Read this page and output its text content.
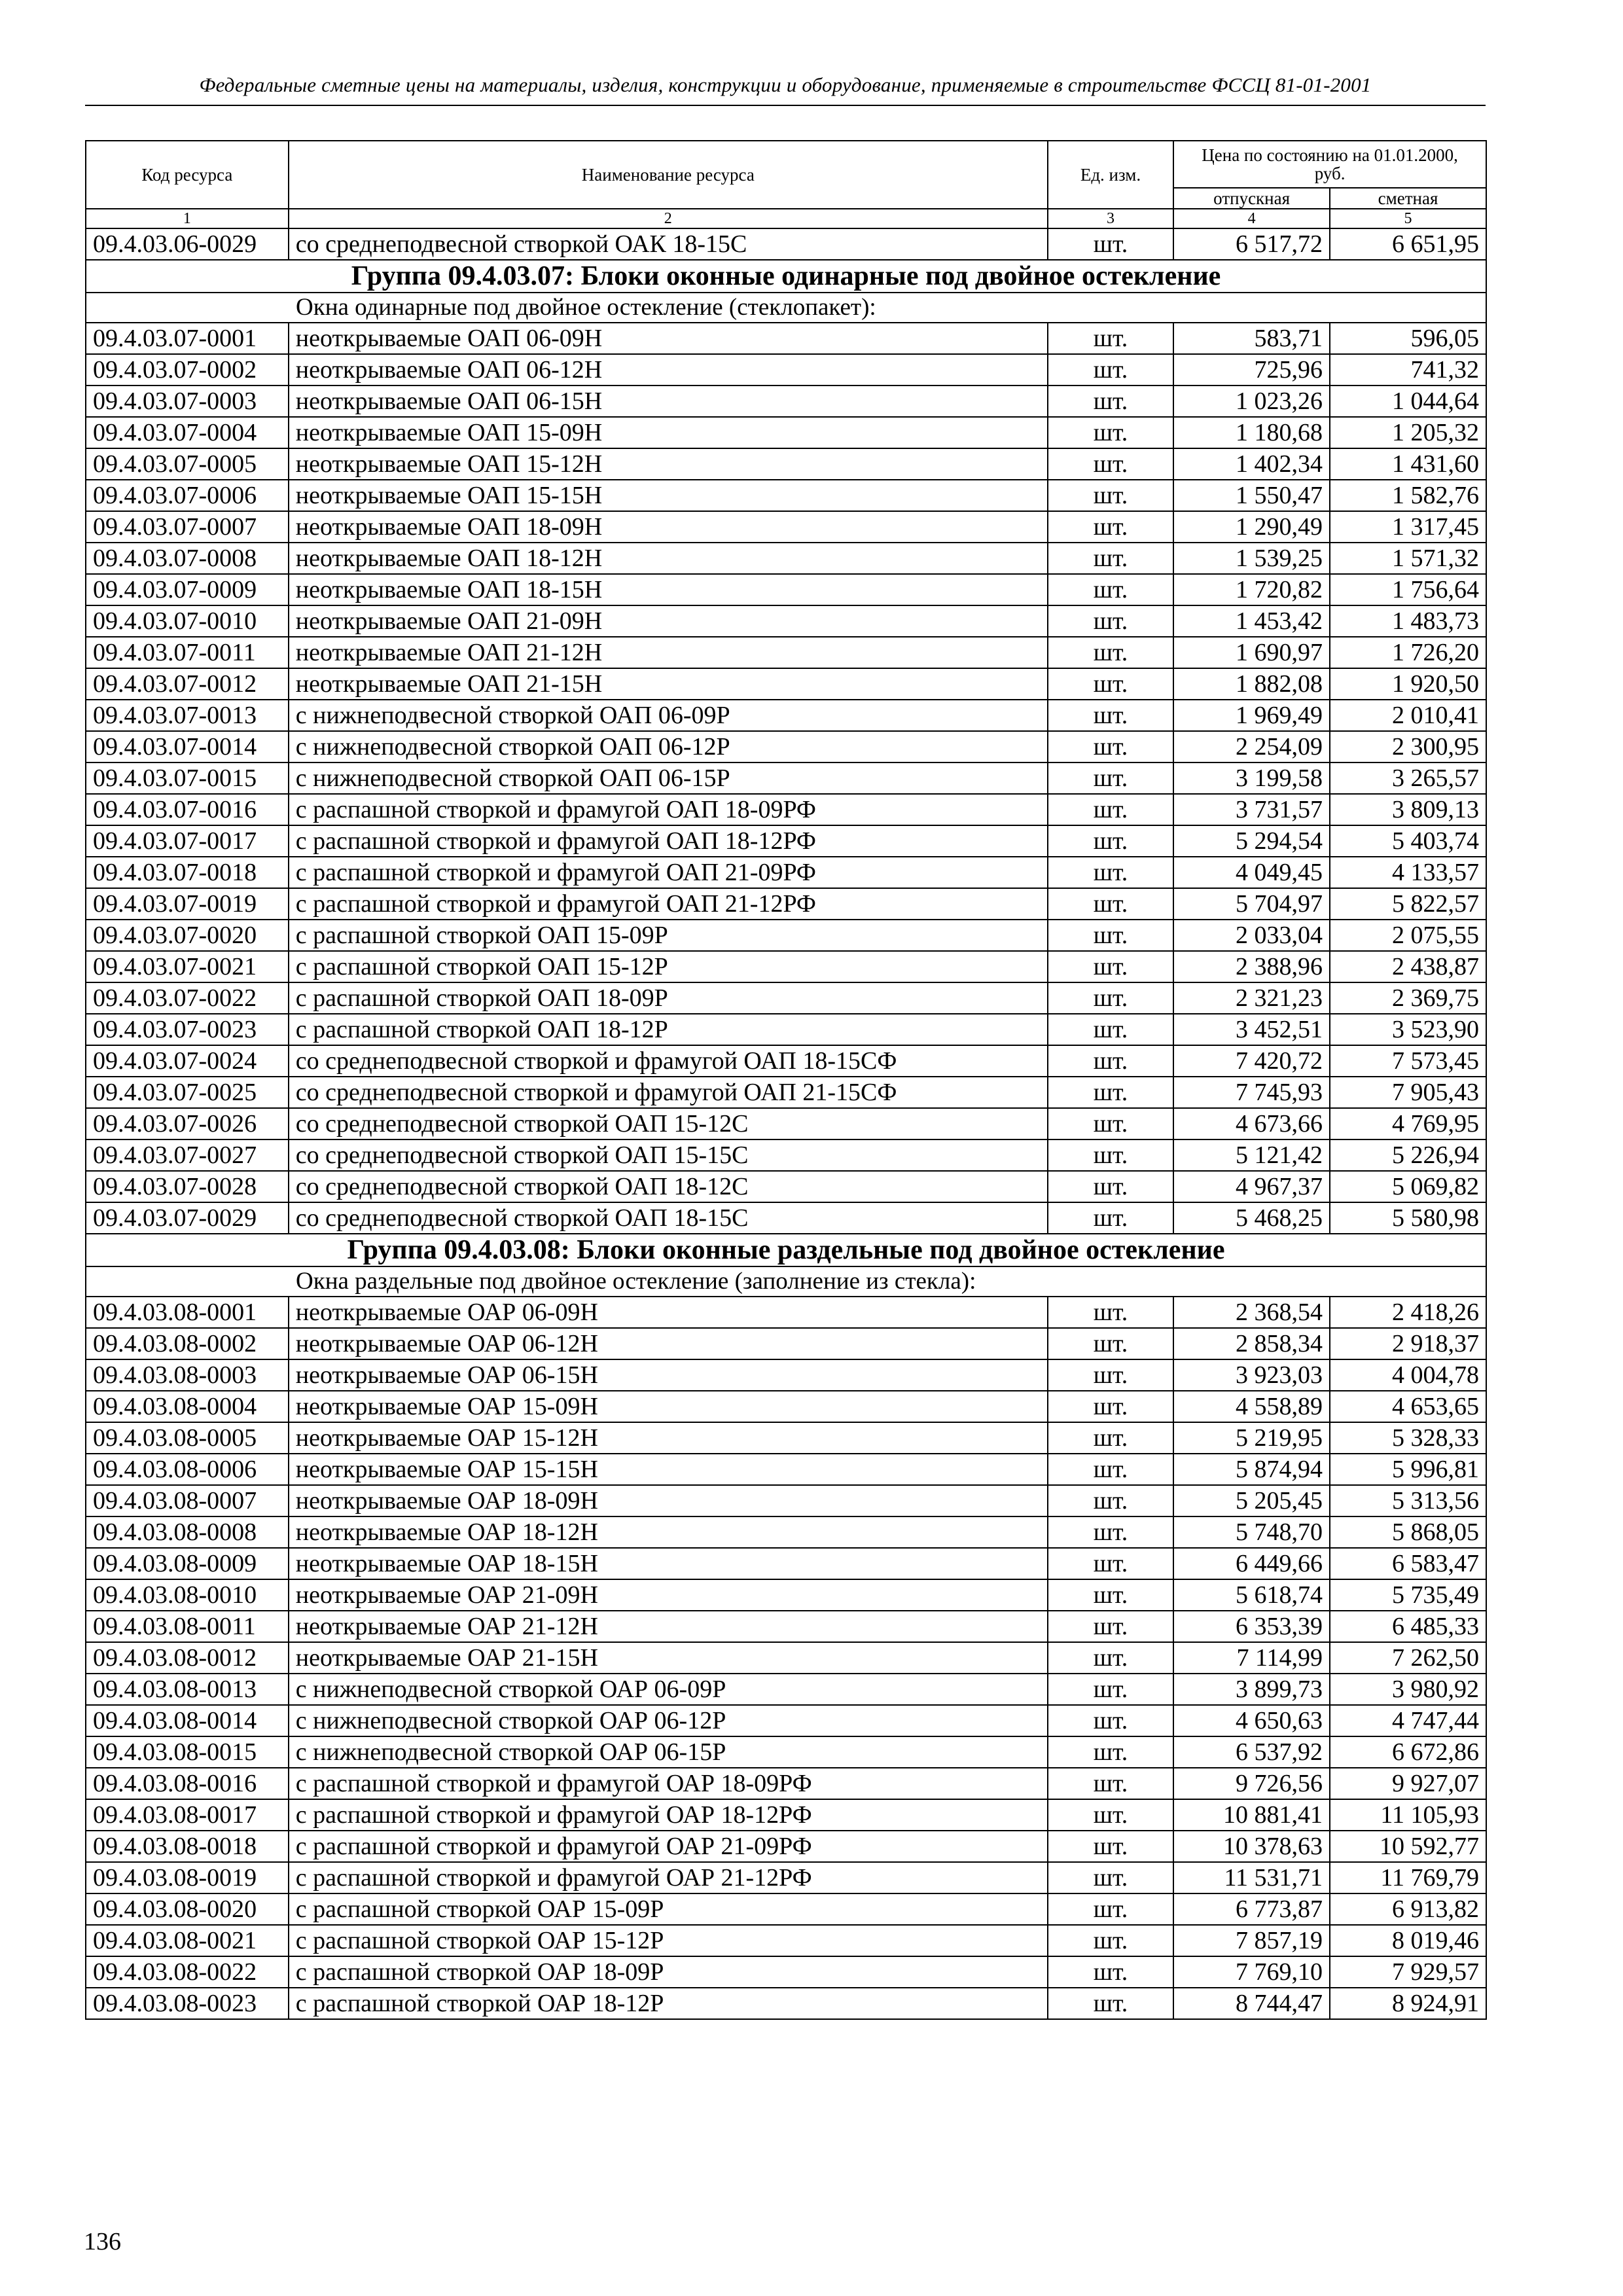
Федеральные сметные цены на материалы, изделия, конструкции и оборудование, применяемые в строительстве ФССЦ 81-01-2001
Код ресурса	Наименование ресурса	Ед. изм.	Цена по состоянию на 01.01.2000, руб.	
			отпускная	сметная
1	2	3	4	5
09.4.03.06-0029	со среднеподвесной створкой ОАК 18-15С	шт.	6 517,72	6 651,95
Группа 09.4.03.07: Блоки оконные одинарные под двойное остекление				
Окна одинарные под двойное остекление (стеклопакет):				
09.4.03.07-0001	неоткрываемые ОАП 06-09Н	шт.	583,71	596,05
09.4.03.07-0002	неоткрываемые ОАП 06-12Н	шт.	725,96	741,32
09.4.03.07-0003	неоткрываемые ОАП 06-15Н	шт.	1 023,26	1 044,64
09.4.03.07-0004	неоткрываемые ОАП 15-09Н	шт.	1 180,68	1 205,32
09.4.03.07-0005	неоткрываемые ОАП 15-12Н	шт.	1 402,34	1 431,60
09.4.03.07-0006	неоткрываемые ОАП 15-15Н	шт.	1 550,47	1 582,76
09.4.03.07-0007	неоткрываемые ОАП 18-09Н	шт.	1 290,49	1 317,45
09.4.03.07-0008	неоткрываемые ОАП 18-12Н	шт.	1 539,25	1 571,32
09.4.03.07-0009	неоткрываемые ОАП 18-15Н	шт.	1 720,82	1 756,64
09.4.03.07-0010	неоткрываемые ОАП 21-09Н	шт.	1 453,42	1 483,73
09.4.03.07-0011	неоткрываемые ОАП 21-12Н	шт.	1 690,97	1 726,20
09.4.03.07-0012	неоткрываемые ОАП 21-15Н	шт.	1 882,08	1 920,50
09.4.03.07-0013	с нижнеподвесной створкой ОАП 06-09Р	шт.	1 969,49	2 010,41
09.4.03.07-0014	с нижнеподвесной створкой ОАП 06-12Р	шт.	2 254,09	2 300,95
09.4.03.07-0015	с нижнеподвесной створкой ОАП 06-15Р	шт.	3 199,58	3 265,57
09.4.03.07-0016	с распашной створкой и фрамугой ОАП 18-09РФ	шт.	3 731,57	3 809,13
09.4.03.07-0017	с распашной створкой и фрамугой ОАП 18-12РФ	шт.	5 294,54	5 403,74
09.4.03.07-0018	с распашной створкой и фрамугой ОАП 21-09РФ	шт.	4 049,45	4 133,57
09.4.03.07-0019	с распашной створкой и фрамугой ОАП 21-12РФ	шт.	5 704,97	5 822,57
09.4.03.07-0020	с распашной створкой ОАП 15-09Р	шт.	2 033,04	2 075,55
09.4.03.07-0021	с распашной створкой ОАП 15-12Р	шт.	2 388,96	2 438,87
09.4.03.07-0022	с распашной створкой ОАП 18-09Р	шт.	2 321,23	2 369,75
09.4.03.07-0023	с распашной створкой ОАП 18-12Р	шт.	3 452,51	3 523,90
09.4.03.07-0024	со среднеподвесной створкой и фрамугой ОАП 18-15СФ	шт.	7 420,72	7 573,45
09.4.03.07-0025	со среднеподвесной створкой и фрамугой ОАП 21-15СФ	шт.	7 745,93	7 905,43
09.4.03.07-0026	со среднеподвесной створкой ОАП 15-12С	шт.	4 673,66	4 769,95
09.4.03.07-0027	со среднеподвесной створкой ОАП 15-15С	шт.	5 121,42	5 226,94
09.4.03.07-0028	со среднеподвесной створкой ОАП 18-12С	шт.	4 967,37	5 069,82
09.4.03.07-0029	со среднеподвесной створкой ОАП 18-15С	шт.	5 468,25	5 580,98
Группа 09.4.03.08: Блоки оконные раздельные под двойное остекление				
Окна раздельные под двойное остекление (заполнение из стекла):				
09.4.03.08-0001	неоткрываемые ОАР 06-09Н	шт.	2 368,54	2 418,26
09.4.03.08-0002	неоткрываемые ОАР 06-12Н	шт.	2 858,34	2 918,37
09.4.03.08-0003	неоткрываемые ОАР 06-15Н	шт.	3 923,03	4 004,78
09.4.03.08-0004	неоткрываемые ОАР 15-09Н	шт.	4 558,89	4 653,65
09.4.03.08-0005	неоткрываемые ОАР 15-12Н	шт.	5 219,95	5 328,33
09.4.03.08-0006	неоткрываемые ОАР 15-15Н	шт.	5 874,94	5 996,81
09.4.03.08-0007	неоткрываемые ОАР 18-09Н	шт.	5 205,45	5 313,56
09.4.03.08-0008	неоткрываемые ОАР 18-12Н	шт.	5 748,70	5 868,05
09.4.03.08-0009	неоткрываемые ОАР 18-15Н	шт.	6 449,66	6 583,47
09.4.03.08-0010	неоткрываемые ОАР 21-09Н	шт.	5 618,74	5 735,49
09.4.03.08-0011	неоткрываемые ОАР 21-12Н	шт.	6 353,39	6 485,33
09.4.03.08-0012	неоткрываемые ОАР 21-15Н	шт.	7 114,99	7 262,50
09.4.03.08-0013	с нижнеподвесной створкой ОАР 06-09Р	шт.	3 899,73	3 980,92
09.4.03.08-0014	с нижнеподвесной створкой ОАР 06-12Р	шт.	4 650,63	4 747,44
09.4.03.08-0015	с нижнеподвесной створкой ОАР 06-15Р	шт.	6 537,92	6 672,86
09.4.03.08-0016	с распашной створкой и фрамугой ОАР 18-09РФ	шт.	9 726,56	9 927,07
09.4.03.08-0017	с распашной створкой и фрамугой ОАР 18-12РФ	шт.	10 881,41	11 105,93
09.4.03.08-0018	с распашной створкой и фрамугой ОАР 21-09РФ	шт.	10 378,63	10 592,77
09.4.03.08-0019	с распашной створкой и фрамугой ОАР 21-12РФ	шт.	11 531,71	11 769,79
09.4.03.08-0020	с распашной створкой ОАР 15-09Р	шт.	6 773,87	6 913,82
09.4.03.08-0021	с распашной створкой ОАР 15-12Р	шт.	7 857,19	8 019,46
09.4.03.08-0022	с распашной створкой ОАР 18-09Р	шт.	7 769,10	7 929,57
09.4.03.08-0023	с распашной створкой ОАР 18-12Р	шт.	8 744,47	8 924,91
136
